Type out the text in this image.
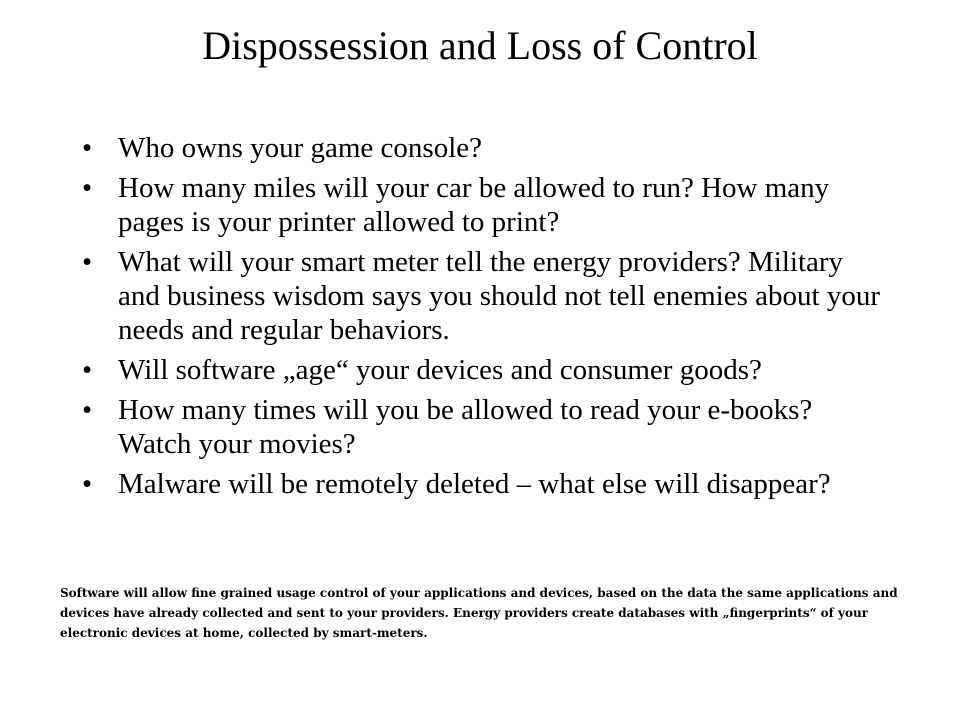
Dispossession and Loss of Control
• Who owns your game console?
• How many miles will your car be allowed to run? How many pages is your printer allowed to print?
• What will your smart meter tell the energy providers? Military and business wisdom says you should not tell enemies about your needs and regular behaviors.
• Will software „age“ your devices and consumer goods?
• How many times will you be allowed to read your e-books? Watch your movies?
• Malware will be remotely deleted – what else will disappear?
Software will allow fine grained usage control of your applications and devices, based on the data the same applications and
devices have already collected and sent to your providers. Energy providers create databases with „fingerprints“ of your
electronic devices at home, collected by smart-meters.
